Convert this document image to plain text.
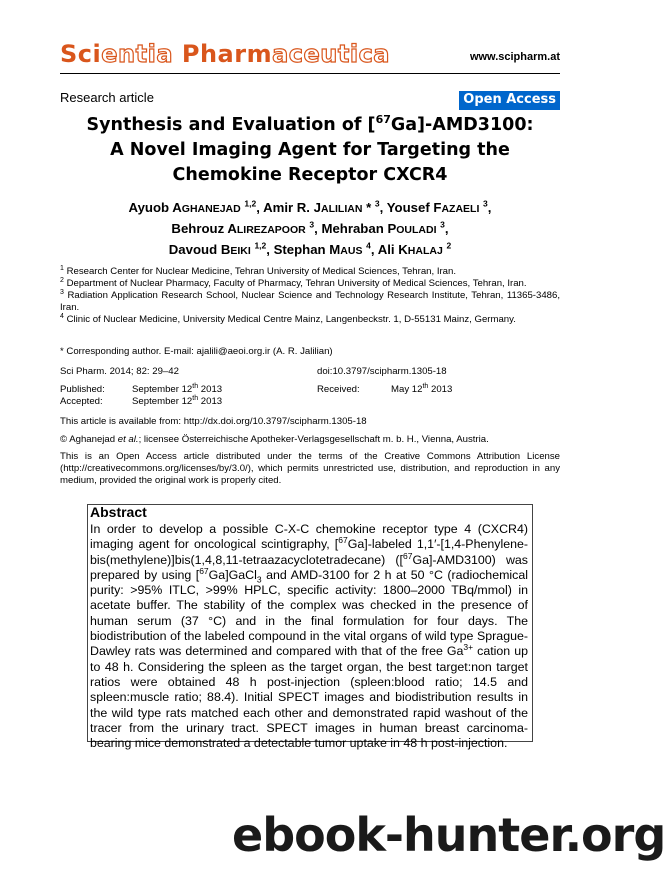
Scientia Pharmaceutica	www.scipharm.at
Research article	Open Access
Synthesis and Evaluation of [$^{67}$Ga]-AMD3100:
A Novel Imaging Agent for Targeting the
Chemokine Receptor CXCR4
Ayuob AGHANEJAD $^{1,2}$, Amir R. JALILIAN * $^3$, Yousef FAZAELI $^3$,
Behrouz ALIREZAPOOR $^3$, Mehraban POULADI $^3$,
Davoud BEIKI $^{1,2}$, Stephan MAUS $^4$, Ali KHALAJ $^2$

$^1$ Research Center for Nuclear Medicine, Tehran University of Medical Sciences, Tehran, Iran.

$^2$ Department of Nuclear Pharmacy, Faculty of Pharmacy, Tehran University of Medical Sciences, Tehran, Iran.

$^3$ Radiation Application Research School, Nuclear Science and Technology Research Institute, Tehran, 11365-3486, Iran.

$^4$ Clinic of Nuclear Medicine, University Medical Centre Mainz, Langenbeckstr. 1, D-55131 Mainz, Germany.

* Corresponding author. E-mail: ajalili@aeoi.org.ir (A. R. Jalilian)
Sci Pharm. 2014; 82: 29–42	doi:10.3797/scipharm.1305-18
Published:	September 12th 2013	Received:	May 12th 2013
Accepted:	September 12th 2013
This article is available from: http://dx.doi.org/10.3797/scipharm.1305-18
© Aghanejad et al.; licensee Österreichische Apotheker-Verlagsgesellschaft m. b. H., Vienna, Austria.

This is an Open Access article distributed under the terms of the Creative Commons Attribution License (http://creativecommons.org/licenses/by/3.0/), which permits unrestricted use, distribution, and reproduction in any medium, provided the original work is properly cited.

Abstract

In order to develop a possible C-X-C chemokine receptor type 4 (CXCR4) imaging agent for oncological scintigraphy, [$^{67}$Ga]-labeled 1,1′-[1,4-Phenylene-bis(methylene)]bis(1,4,8,11-tetraazacyclotetradecane) ([$^{67}$Ga]-AMD3100) was prepared by using [$^{67}$Ga]GaCl$_3$ and AMD-3100 for 2 h at 50 °C (radiochemical purity: >95% ITLC, >99% HPLC, specific activity: 1800–2000 TBq/mmol) in acetate buffer. The stability of the complex was checked in the presence of human serum (37 °C) and in the final formulation for four days. The biodistribution of the labeled compound in the vital organs of wild type Sprague-Dawley rats was determined and compared with that of the free $Ga^{3+}$ cation up to 48 h. Considering the spleen as the target organ, the best target:non target ratios were obtained 48 h post-injection (spleen:blood ratio; 14.5 and spleen:muscle ratio; 88.4). Initial SPECT images and biodistribution results in the wild type rats matched each other and demonstrated rapid washout of the tracer from the urinary tract. SPECT images in human breast carcinoma-bearing mice demonstrated a detectable tumor uptake in 48 h post-injection.

ebook-hunter.org
